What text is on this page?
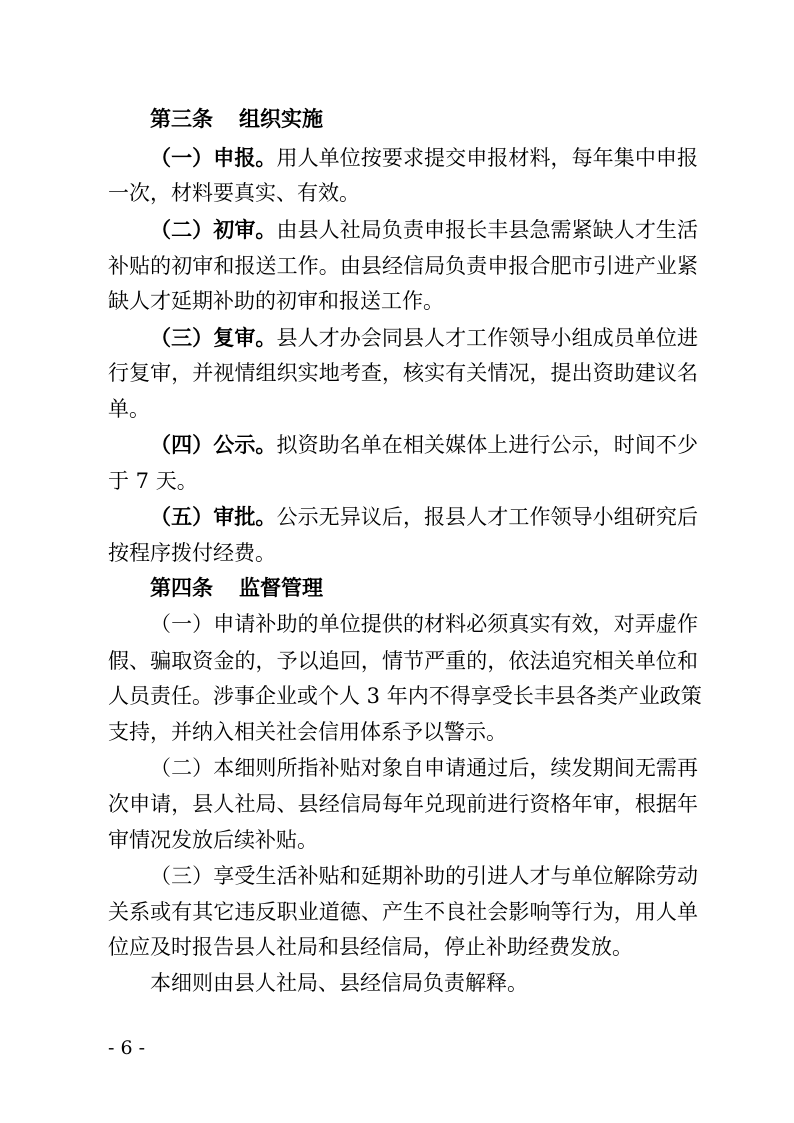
第三条 组织实施

（一）申报。用人单位按要求提交申报材料，每年集中申报

一次，材料要真实、有效。

（二）初审。由县人社局负责申报长丰县急需紧缺人才生活

补贴的初审和报送工作。由县经信局负责申报合肥市引进产业紧

缺人才延期补助的初审和报送工作。

（三）复审。县人才办会同县人才工作领导小组成员单位进

行复审，并视情组织实地考查，核实有关情况，提出资助建议名

单。

（四）公示。拟资助名单在相关媒体上进行公示，时间不少

于 7 天。

（五）审批。公示无异议后，报县人才工作领导小组研究后

按程序拨付经费。

第四条 监督管理

（一）申请补助的单位提供的材料必须真实有效，对弄虚作

假、骗取资金的，予以追回，情节严重的，依法追究相关单位和

人员责任。涉事企业或个人 3 年内不得享受长丰县各类产业政策

支持，并纳入相关社会信用体系予以警示。

（二）本细则所指补贴对象自申请通过后，续发期间无需再

次申请，县人社局、县经信局每年兑现前进行资格年审，根据年

审情况发放后续补贴。

（三）享受生活补贴和延期补助的引进人才与单位解除劳动

关系或有其它违反职业道德、产生不良社会影响等行为，用人单

位应及时报告县人社局和县经信局，停止补助经费发放。

本细则由县人社局、县经信局负责解释。

- 6 -
